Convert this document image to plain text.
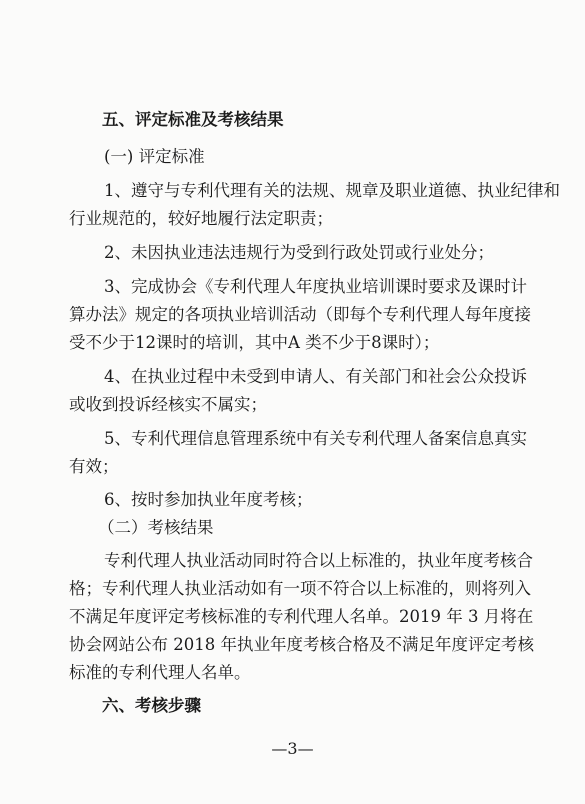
五、评定标准及考核结果
(一) 评定标准
1、遵守与专利代理有关的法规、规章及职业道德、执业纪律和
行业规范的，较好地履行法定职责；
2、未因执业违法违规行为受到行政处罚或行业处分；
3、完成协会《专利代理人年度执业培训课时要求及课时计
算办法》规定的各项执业培训活动（即每个专利代理人每年度接
受不少于12课时的培训，其中A 类不少于8课时）；
4、在执业过程中未受到申请人、有关部门和社会公众投诉
或收到投诉经核实不属实；
5、专利代理信息管理系统中有关专利代理人备案信息真实
有效；
6、按时参加执业年度考核；
（二）考核结果
专利代理人执业活动同时符合以上标准的，执业年度考核合
格；专利代理人执业活动如有一项不符合以上标准的，则将列入
不满足年度评定考核标准的专利代理人名单。2019 年 3 月将在
协会网站公布 2018 年执业年度考核合格及不满足年度评定考核
标准的专利代理人名单。
六、考核步骤
—3—
